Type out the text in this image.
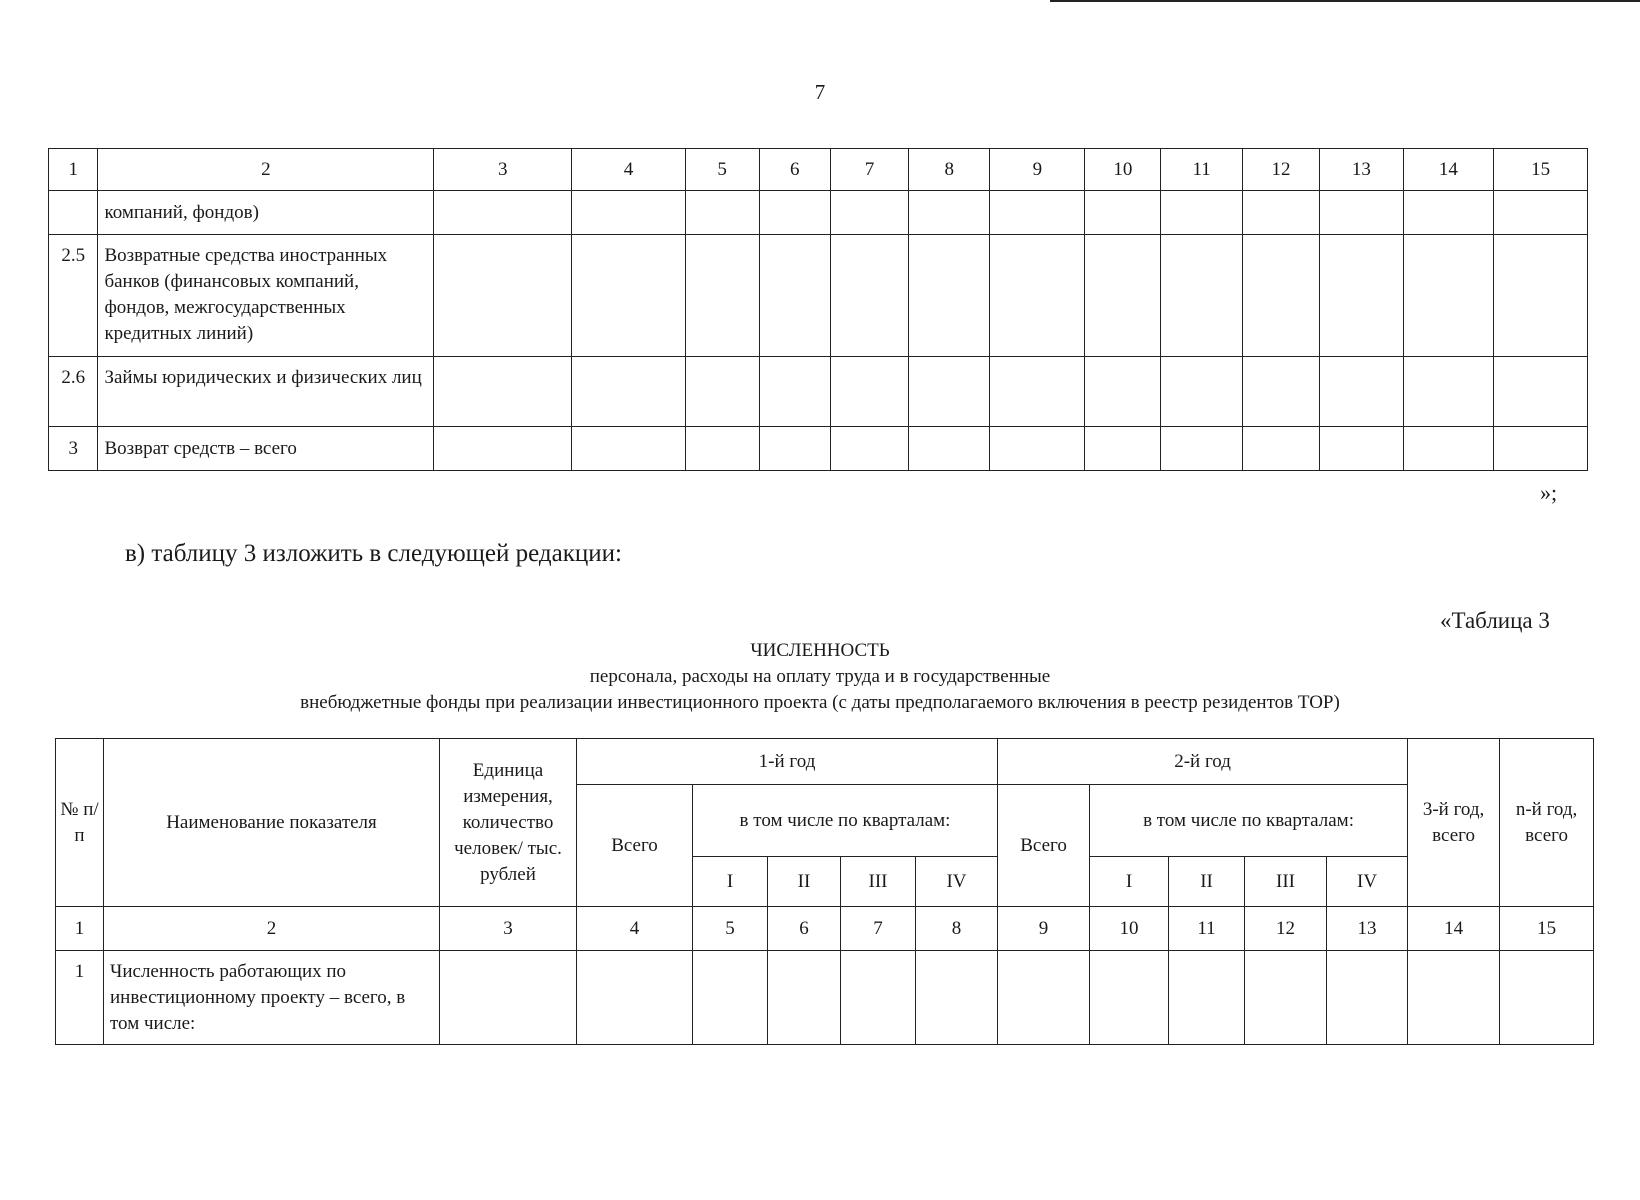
7
1	2	3	4	5	6	7	8	9	10	11	12	13	14	15
	компаний, фондов)													
2.5	Возвратные средства иностранных банков (финансовых компаний, фондов, межгосударственных кредитных линий)													
2.6	Займы юридических и физических лиц													
3	Возврат средств – всего													
»;
в) таблицу 3 изложить в следующей редакции:
«Таблица 3
ЧИСЛЕННОСТЬ
персонала, расходы на оплату труда и в государственные
внебюджетные фонды при реализации инвестиционного проекта (с даты предполагаемого включения в реестр резидентов ТОР)
№ п/п	Наименование показателя	Единица измерения, количество человек/ тыс. рублей	1-й год					2-й год					3-й год, всего	n-й год, всего
			Всего	в том числе по кварталам:				Всего	в том числе по кварталам:					
				I	II	III	IV		I	II	III	IV		
1	2	3	4	5	6	7	8	9	10	11	12	13	14	15
1	Численность работающих по инвестиционному проекту – всего, в том числе:													
